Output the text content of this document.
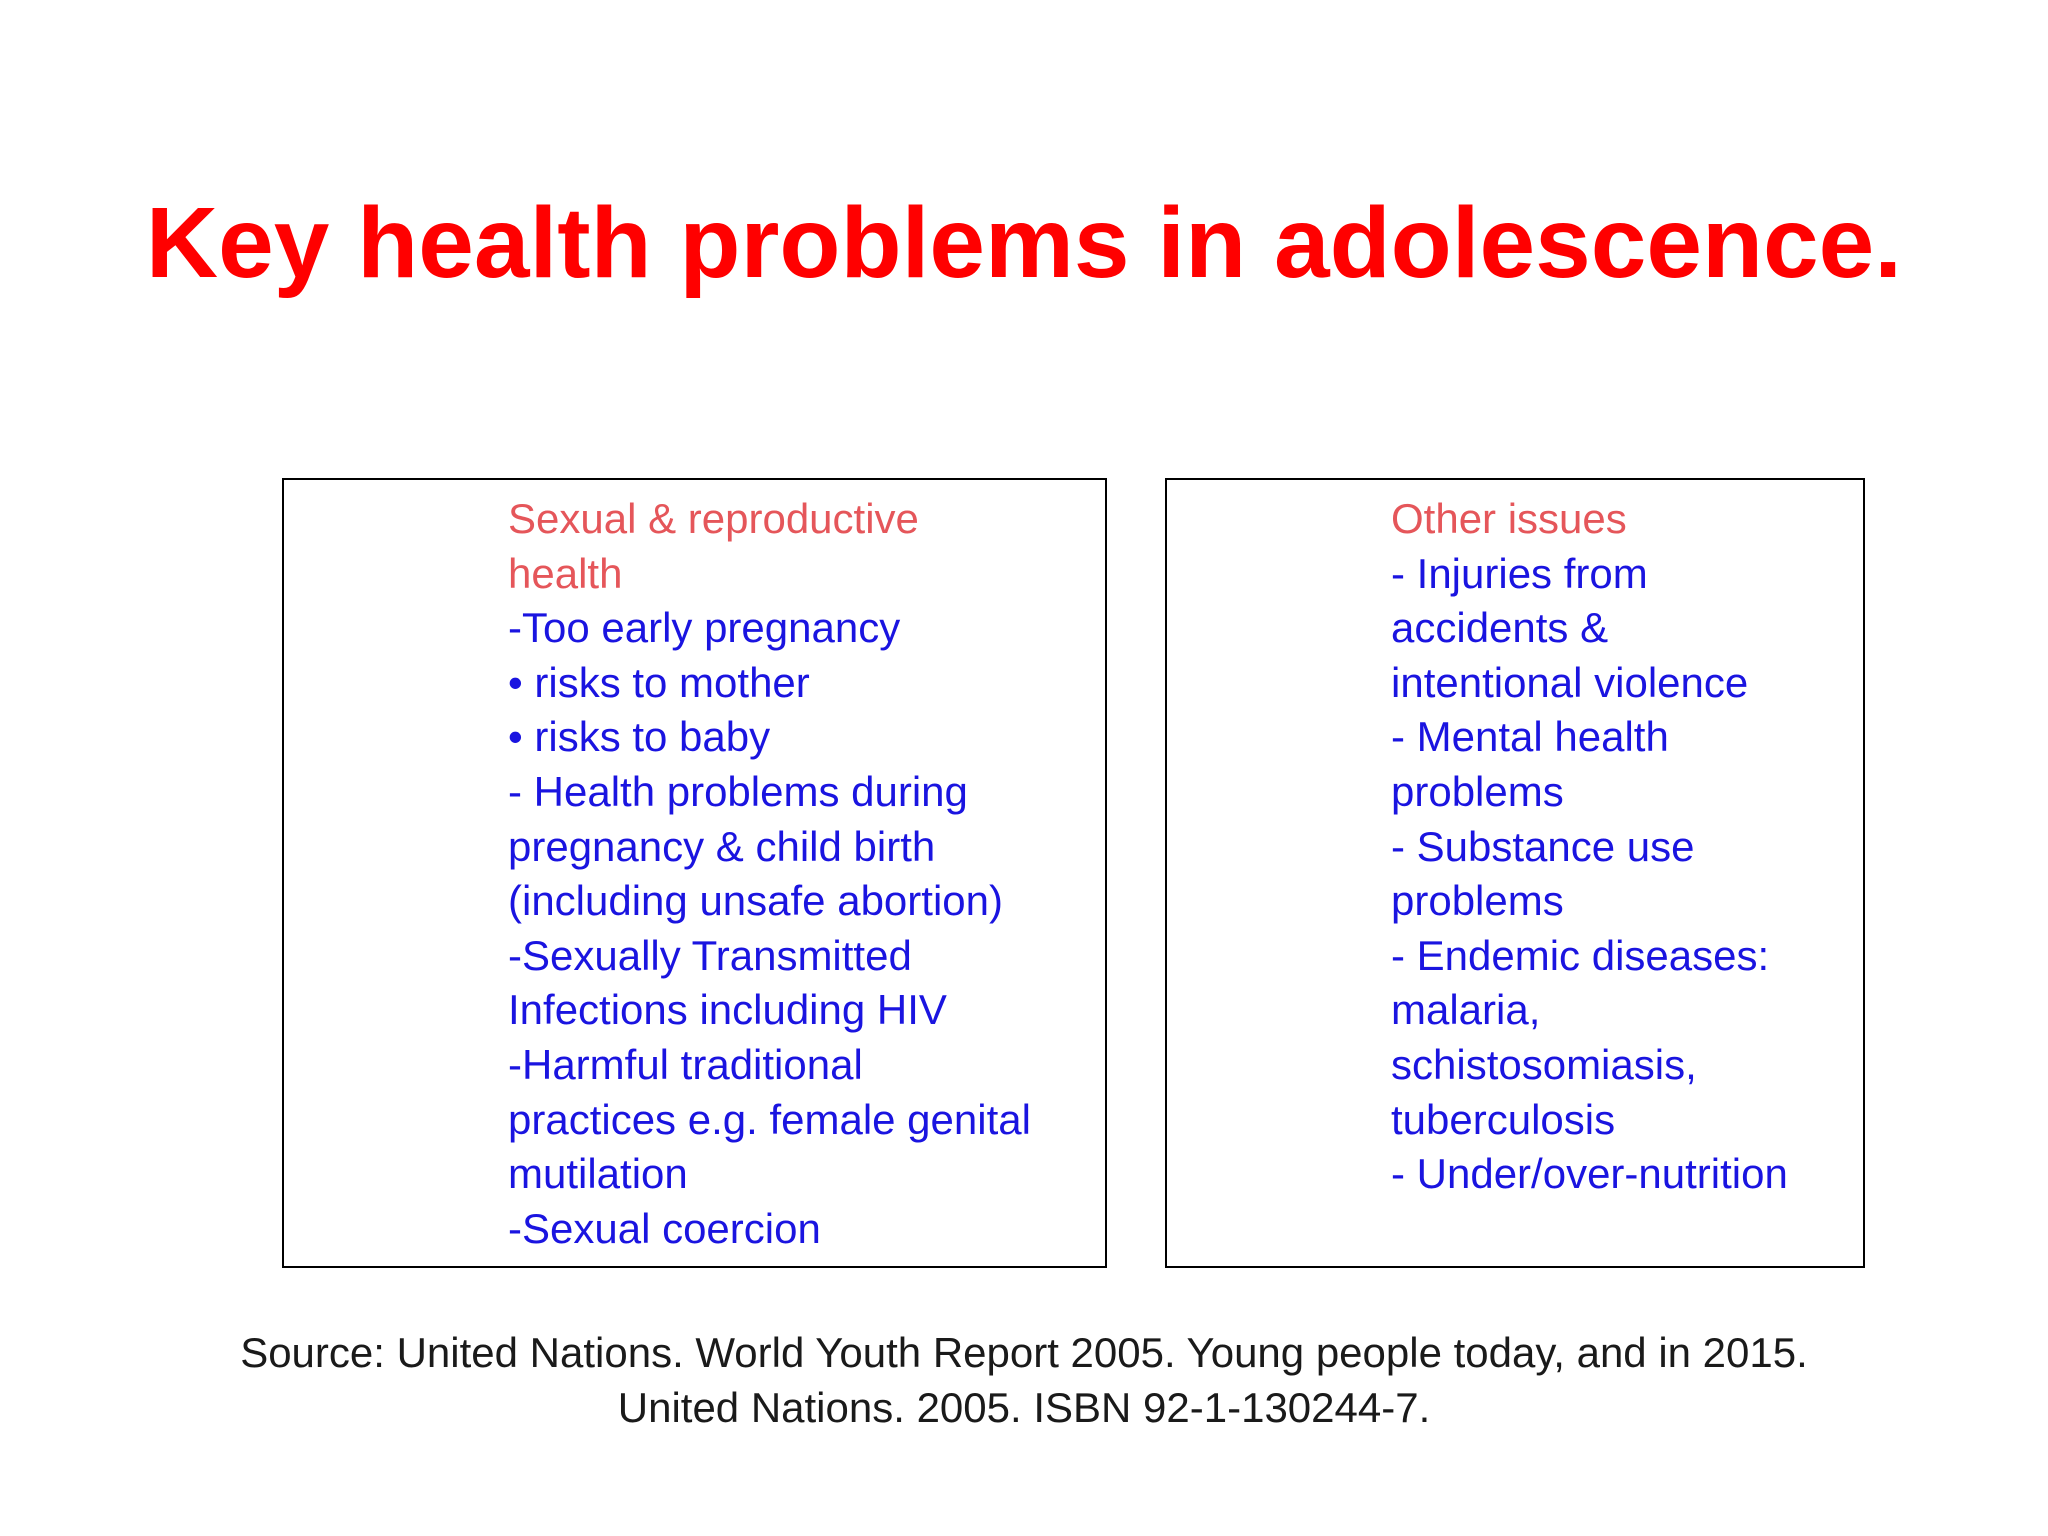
Key health problems in adolescence.
Sexual & reproductive
health
-Too early pregnancy
• risks to mother
• risks to baby
- Health problems during
pregnancy & child birth
(including unsafe abortion)
-Sexually Transmitted
Infections including HIV
-Harmful traditional
practices e.g. female genital
mutilation
-Sexual coercion
Other issues
- Injuries from
accidents &
intentional violence
- Mental health
problems
- Substance use
problems
- Endemic diseases:
malaria,
schistosomiasis,
tuberculosis
- Under/over-nutrition
Source: United Nations. World Youth Report 2005. Young people today, and in 2015.
United Nations. 2005. ISBN 92-1-130244-7.
